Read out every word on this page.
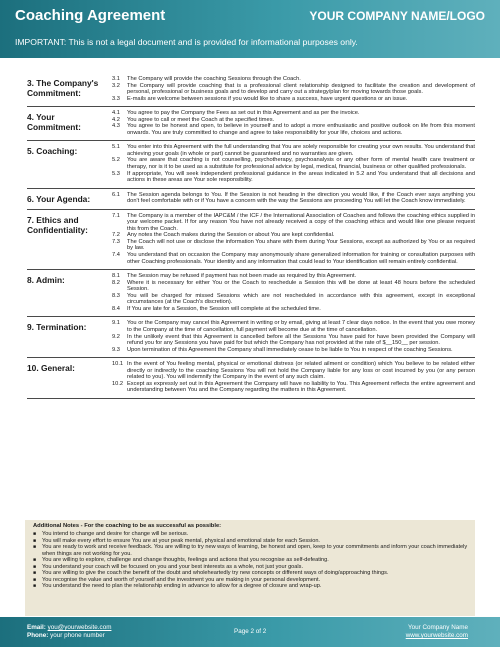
Coaching Agreement	YOUR COMPANY NAME/LOGO
IMPORTANT: This is not a legal document and is provided for informational purposes only.
3. The Company's Commitment:
3.1	The Company will provide the coaching Sessions through the Coach.
3.2	The Company will provide coaching that is a professional client relationship designed to facilitate the creation and development of personal, professional or business goals and to develop and carry out a strategy/plan for moving towards those goals.
3.3	E-mails are welcome between sessions if you would like to share a success, have urgent questions or an issue.
4. Your Commitment:
4.1	You agree to pay the Company the Fees as set out in this Agreement and as per the invoice.
4.2	You agree to call or meet the Coach at the specified times.
4.3	You agree to be honest and open, to believe in yourself and to adopt a more enthusiastic and positive outlook on life from this moment onwards. You are truly committed to change and agree to take responsibility for your life, choices and actions.
5. Coaching:	5.1	You enter into this Agreement with the full understanding that You are solely responsible for creating your own results. You understand that achieving your goals (in whole or part) cannot be guaranteed and no warranties are given.
5.2	You are aware that coaching is not counselling, psychotherapy, psychoanalysis or any other form of mental health care treatment or therapy, nor is it to be used as a substitute for professional advice by legal, medical, financial, business or other qualified professionals.
5.3	If appropriate, You will seek independent professional guidance in the areas indicated in 5.2 and You understand that all decisions and actions in these areas are Your sole responsibility.
6. Your Agenda:	6.1	The Session agenda belongs to You. If the Session is not heading in the direction you would like, if the Coach ever says anything you don't feel comfortable with or if You have a concern with the way the Sessions are proceeding You will let the Coach know immediately.
7. Ethics and Confidentiality:
7.1	The Company is a member of the IAPC&M / the ICF / the International Association of Coaches and follows the coaching ethics supplied in your welcome packet. If for any reason You have not already received a copy of the coaching ethics and would like one please request this from the Coach.
7.2	Any notes the Coach makes during the Session or about You are kept confidential.
7.3	The Coach will not use or disclose the information You share with them during Your Sessions, except as authorized by You or as required by law.
7.4	You understand that on occasion the Company may anonymously share generalized information for training or consultation purposes with other Coaching professionals. Your identity and any information that could lead to Your identification will remain entirely confidential.
8. Admin:	8.1	The Session may be refused if payment has not been made as required by this Agreement.
8.2	Where it is necessary for either You or the Coach to reschedule a Session this will be done at least 48 hours before the scheduled Session.
8.3	You will be charged for missed Sessions which are not rescheduled in accordance with this agreement, except in exceptional circumstances (at the Coach's discretion).
8.4	If You are late for a Session, the Session will complete at the scheduled time.
9. Termination:	9.1	You or the Company may cancel this Agreement in writing or by email, giving at least 7 clear days notice. In the event that you owe money to the Company at the time of cancellation, full payment will become due at the time of cancellation.
9.2	In the unlikely event that this Agreement is cancelled before all the Sessions You have paid for have been provided the Company will refund you for any Sessions you have paid for but which the Company has not provided at the rate of $__150__ per session.
9.3	Upon termination of this Agreement the Company shall immediately cease to be liable to You in respect of the coaching Sessions.
10. General:	10.1 In the event of You feeling mental, physical or emotional distress (or related ailment or condition) which You believe to be related either directly or indirectly to the coaching Sessions You will not hold the Company liable for any loss or cost incurred by you (or any person related to you). You will indemnify the Company in the event of any such claim.
10.2 Except as expressly set out in this Agreement the Company will have no liability to You. This Agreement reflects the entire agreement and understanding between You and the Company regarding the matters in this Agreement.
Additional Notes - For the coaching to be as successful as possible:
■	You intend to change and desire for change will be serious.
■	You will make every effort to ensure You are at your peak mental, physical and emotional state for each Session.
■	You are ready to work and receive feedback. You are willing to try new ways of learning, be honest and open, keep to your commitments and inform your coach immediately when things are not working for you.
■	You are willing to explore, challenge and change thoughts, feelings and actions that you recognise as self-defeating.
■	You understand your coach will be focused on you and your best interests as a whole, not just your goals.
■	You are willing to give the coach the benefit of the doubt and wholeheartedly try new concepts or different ways of doing/approaching things.
■	You recognise the value and worth of yourself and the investment you are making in your personal development.
■	You understand the need to plan the relationship ending in advance to allow for a degree of closure and wrap-up.
Email: you@yourwebsite.com
Phone: your phone number
Page 2 of 2
Your Company Name
www.yourwebsite.com
